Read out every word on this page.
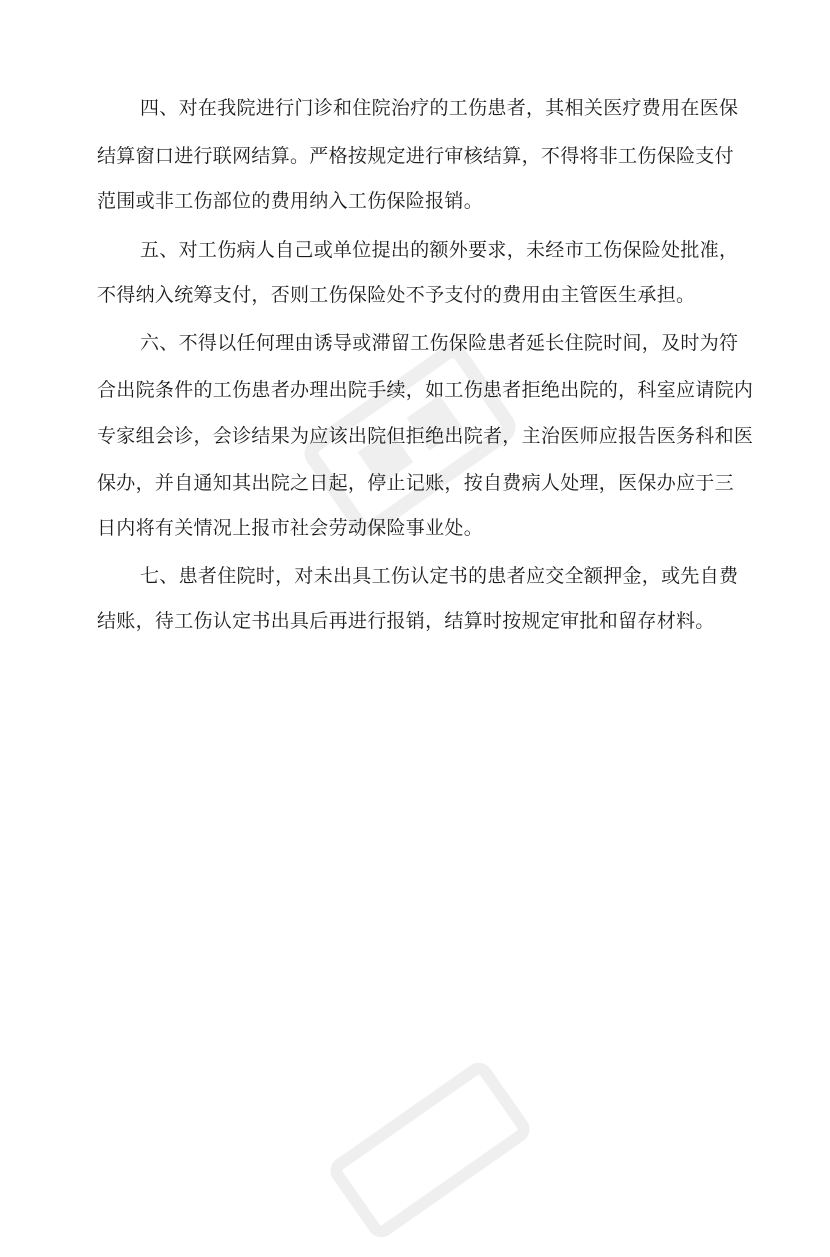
四、对在我院进行门诊和住院治疗的工伤患者，其相关医疗费用在医保
结算窗口进行联网结算。严格按规定进行审核结算，不得将非工伤保险支付
范围或非工伤部位的费用纳入工伤保险报销。
五、对工伤病人自己或单位提出的额外要求，未经市工伤保险处批准，
不得纳入统筹支付，否则工伤保险处不予支付的费用由主管医生承担。
六、不得以任何理由诱导或滞留工伤保险患者延长住院时间，及时为符
合出院条件的工伤患者办理出院手续，如工伤患者拒绝出院的，科室应请院内
专家组会诊，会诊结果为应该出院但拒绝出院者，主治医师应报告医务科和医
保办，并自通知其出院之日起，停止记账，按自费病人处理，医保办应于三
日内将有关情况上报市社会劳动保险事业处。
七、患者住院时，对未出具工伤认定书的患者应交全额押金，或先自费
结账，待工伤认定书出具后再进行报销，结算时按规定审批和留存材料。
